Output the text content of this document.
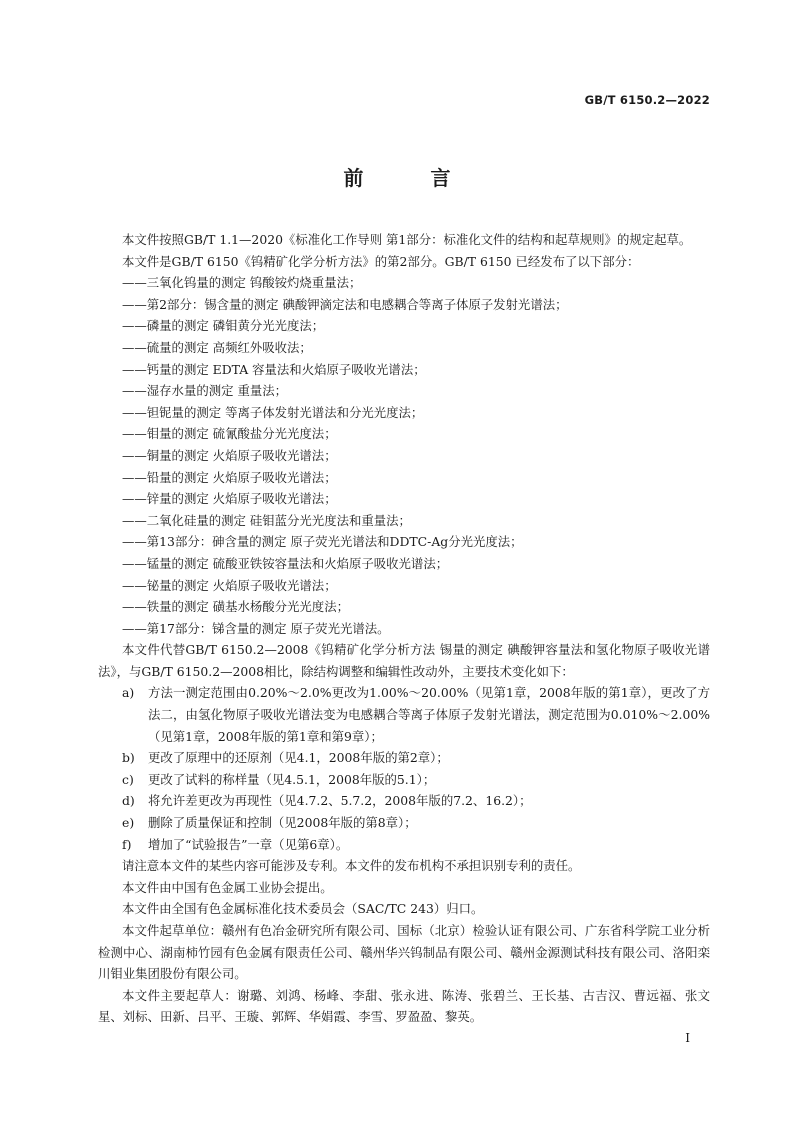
GB/T 6150.2—2022
前 言

本文件按照GB/T 1.1—2020《标准化工作导则 第1部分：标准化文件的结构和起草规则》的规定起草。

本文件是GB/T 6150《钨精矿化学分析方法》的第2部分。GB/T 6150 已经发布了以下部分：

——三氧化钨量的测定 钨酸铵灼烧重量法；

——第2部分：锡含量的测定 碘酸钾滴定法和电感耦合等离子体原子发射光谱法；

——磷量的测定 磷钼黄分光光度法；

——硫量的测定 高频红外吸收法；

——钙量的测定 EDTA 容量法和火焰原子吸收光谱法；

——湿存水量的测定 重量法；

——钽铌量的测定 等离子体发射光谱法和分光光度法；

——钼量的测定 硫氰酸盐分光光度法；

——铜量的测定 火焰原子吸收光谱法；

——铅量的测定 火焰原子吸收光谱法；

——锌量的测定 火焰原子吸收光谱法；

——二氧化硅量的测定 硅钼蓝分光光度法和重量法；

——第13部分：砷含量的测定 原子荧光光谱法和DDTC-Ag分光光度法；

——锰量的测定 硫酸亚铁铵容量法和火焰原子吸收光谱法；

——铋量的测定 火焰原子吸收光谱法；

——铁量的测定 磺基水杨酸分光光度法；

——第17部分：锑含量的测定 原子荧光光谱法。

本文件代替GB/T 6150.2—2008《钨精矿化学分析方法 锡量的测定 碘酸钾容量法和氢化物原子吸收光谱法》，与GB/T 6150.2—2008相比，除结构调整和编辑性改动外，主要技术变化如下：

a)	方法一测定范围由0.20%～2.0%更改为1.00%～20.00%（见第1章，2008年版的第1章），更改了方法二，由氢化物原子吸收光谱法变为电感耦合等离子体原子发射光谱法，测定范围为0.010%～2.00%（见第1章，2008年版的第1章和第9章）；
b)	更改了原理中的还原剂（见4.1，2008年版的第2章）；
c)	更改了试料的称样量（见4.5.1，2008年版的5.1）；
d)	将允许差更改为再现性（见4.7.2、5.7.2，2008年版的7.2、16.2）；
e)	删除了质量保证和控制（见2008年版的第8章）；
f)	增加了“试验报告”一章（见第6章）。

请注意本文件的某些内容可能涉及专利。本文件的发布机构不承担识别专利的责任。

本文件由中国有色金属工业协会提出。

本文件由全国有色金属标准化技术委员会（SAC/TC 243）归口。

本文件起草单位：赣州有色冶金研究所有限公司、国标（北京）检验认证有限公司、广东省科学院工业分析检测中心、湖南柿竹园有色金属有限责任公司、赣州华兴钨制品有限公司、赣州金源测试科技有限公司、洛阳栾川钼业集团股份有限公司。

本文件主要起草人：谢璐、刘鸿、杨峰、李甜、张永进、陈涛、张碧兰、王长基、古吉汉、曹远福、张文星、刘标、田新、吕平、王璇、郭辉、华娟霞、李雪、罗盈盈、黎英。

I
